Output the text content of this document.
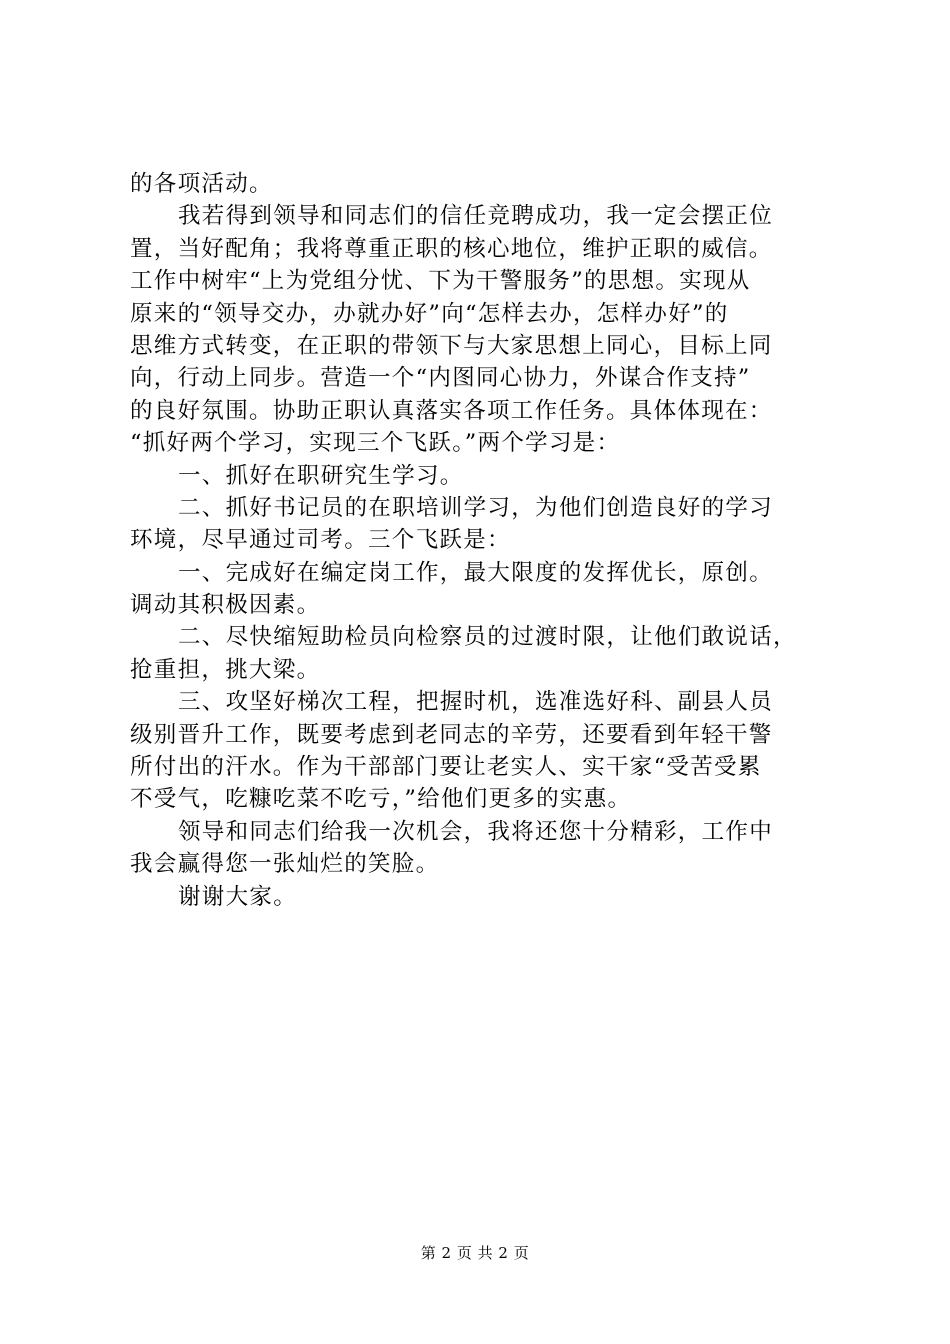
的各项活动。
我若得到领导和同志们的信任竞聘成功，我一定会摆正位
置，当好配角；我将尊重正职的核心地位，维护正职的威信。
工作中树牢“上为党组分忧、下为干警服务”的思想。实现从
原来的“领导交办，办就办好”向“怎样去办，怎样办好”的
思维方式转变，在正职的带领下与大家思想上同心，目标上同
向，行动上同步。营造一个“内图同心协力，外谋合作支持”
的良好氛围。协助正职认真落实各项工作任务。具体体现在：
“抓好两个学习，实现三个飞跃。”两个学习是：
一、抓好在职研究生学习。
二、抓好书记员的在职培训学习，为他们创造良好的学习
环境，尽早通过司考。三个飞跃是：
一、完成好在编定岗工作，最大限度的发挥优长，原创。
调动其积极因素。
二、尽快缩短助检员向检察员的过渡时限，让他们敢说话，
抢重担，挑大梁。
三、攻坚好梯次工程，把握时机，选准选好科、副县人员
级别晋升工作，既要考虑到老同志的辛劳，还要看到年轻干警
所付出的汗水。作为干部部门要让老实人、实干家“受苦受累
不受气，吃糠吃菜不吃亏，”给他们更多的实惠。
领导和同志们给我一次机会，我将还您十分精彩，工作中
我会赢得您一张灿烂的笑脸。
谢谢大家。
第 2 页 共 2 页
